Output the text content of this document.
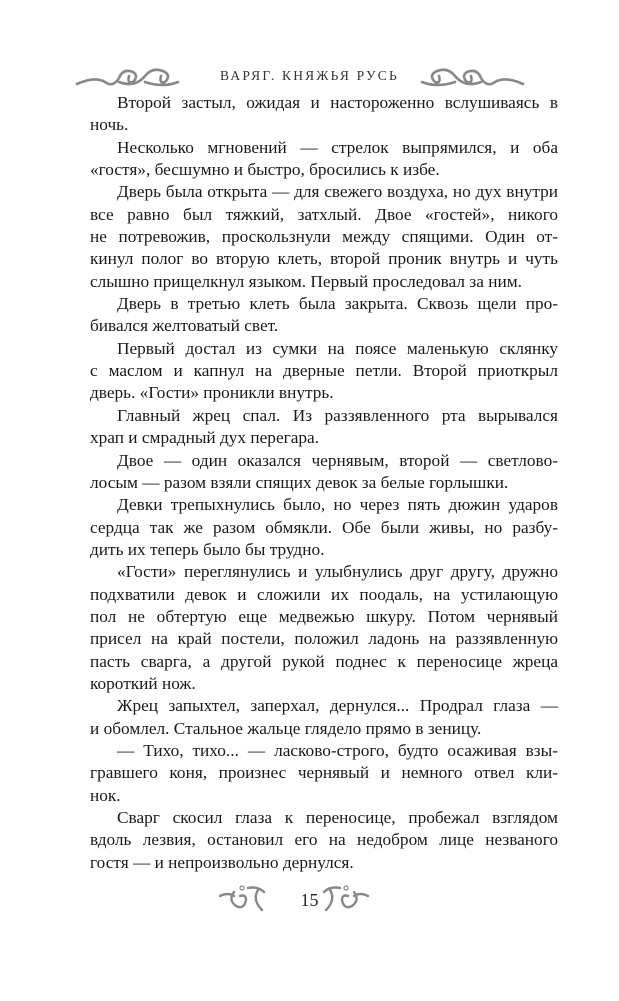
ВАРЯГ. КНЯЖЬЯ РУСЬ
Второй застыл, ожидая и настороженно вслушиваясь в
ночь.
Несколько мгновений — стрелок выпрямился, и оба
«гостя», бесшумно и быстро, бросились к избе.
Дверь была открыта — для свежего воздуха, но дух внутри
все равно был тяжкий, затхлый. Двое «гостей», никого
не потревожив, проскользнули между спящими. Один от-
кинул полог во вторую клеть, второй проник внутрь и чуть
слышно прищелкнул языком. Первый проследовал за ним.
Дверь в третью клеть была закрыта. Сквозь щели про-
бивался желтоватый свет.
Первый достал из сумки на поясе маленькую склянку
с маслом и капнул на дверные петли. Второй приоткрыл
дверь. «Гости» проникли внутрь.
Главный жрец спал. Из раззявленного рта вырывался
храп и смрадный дух перегара.
Двое — один оказался чернявым, второй — светлово-
лосым — разом взяли спящих девок за белые горлышки.
Девки трепыхнулись было, но через пять дюжин ударов
сердца так же разом обмякли. Обе были живы, но разбу-
дить их теперь было бы трудно.
«Гости» переглянулись и улыбнулись друг другу, дружно
подхватили девок и сложили их поодаль, на устилающую
пол не обтертую еще медвежью шкуру. Потом чернявый
присел на край постели, положил ладонь на раззявленную
пасть сварга, а другой рукой поднес к переносице жреца
короткий нож.
Жрец запыхтел, заперхал, дернулся... Продрал глаза —
и обомлел. Стальное жальце глядело прямо в зеницу.
— Тихо, тихо... — ласково-строго, будто осаживая взы-
гравшего коня, произнес чернявый и немного отвел кли-
нок.
Сварг скосил глаза к переносице, пробежал взглядом
вдоль лезвия, остановил его на недобром лице незваного
гостя — и непроизвольно дернулся.
15
